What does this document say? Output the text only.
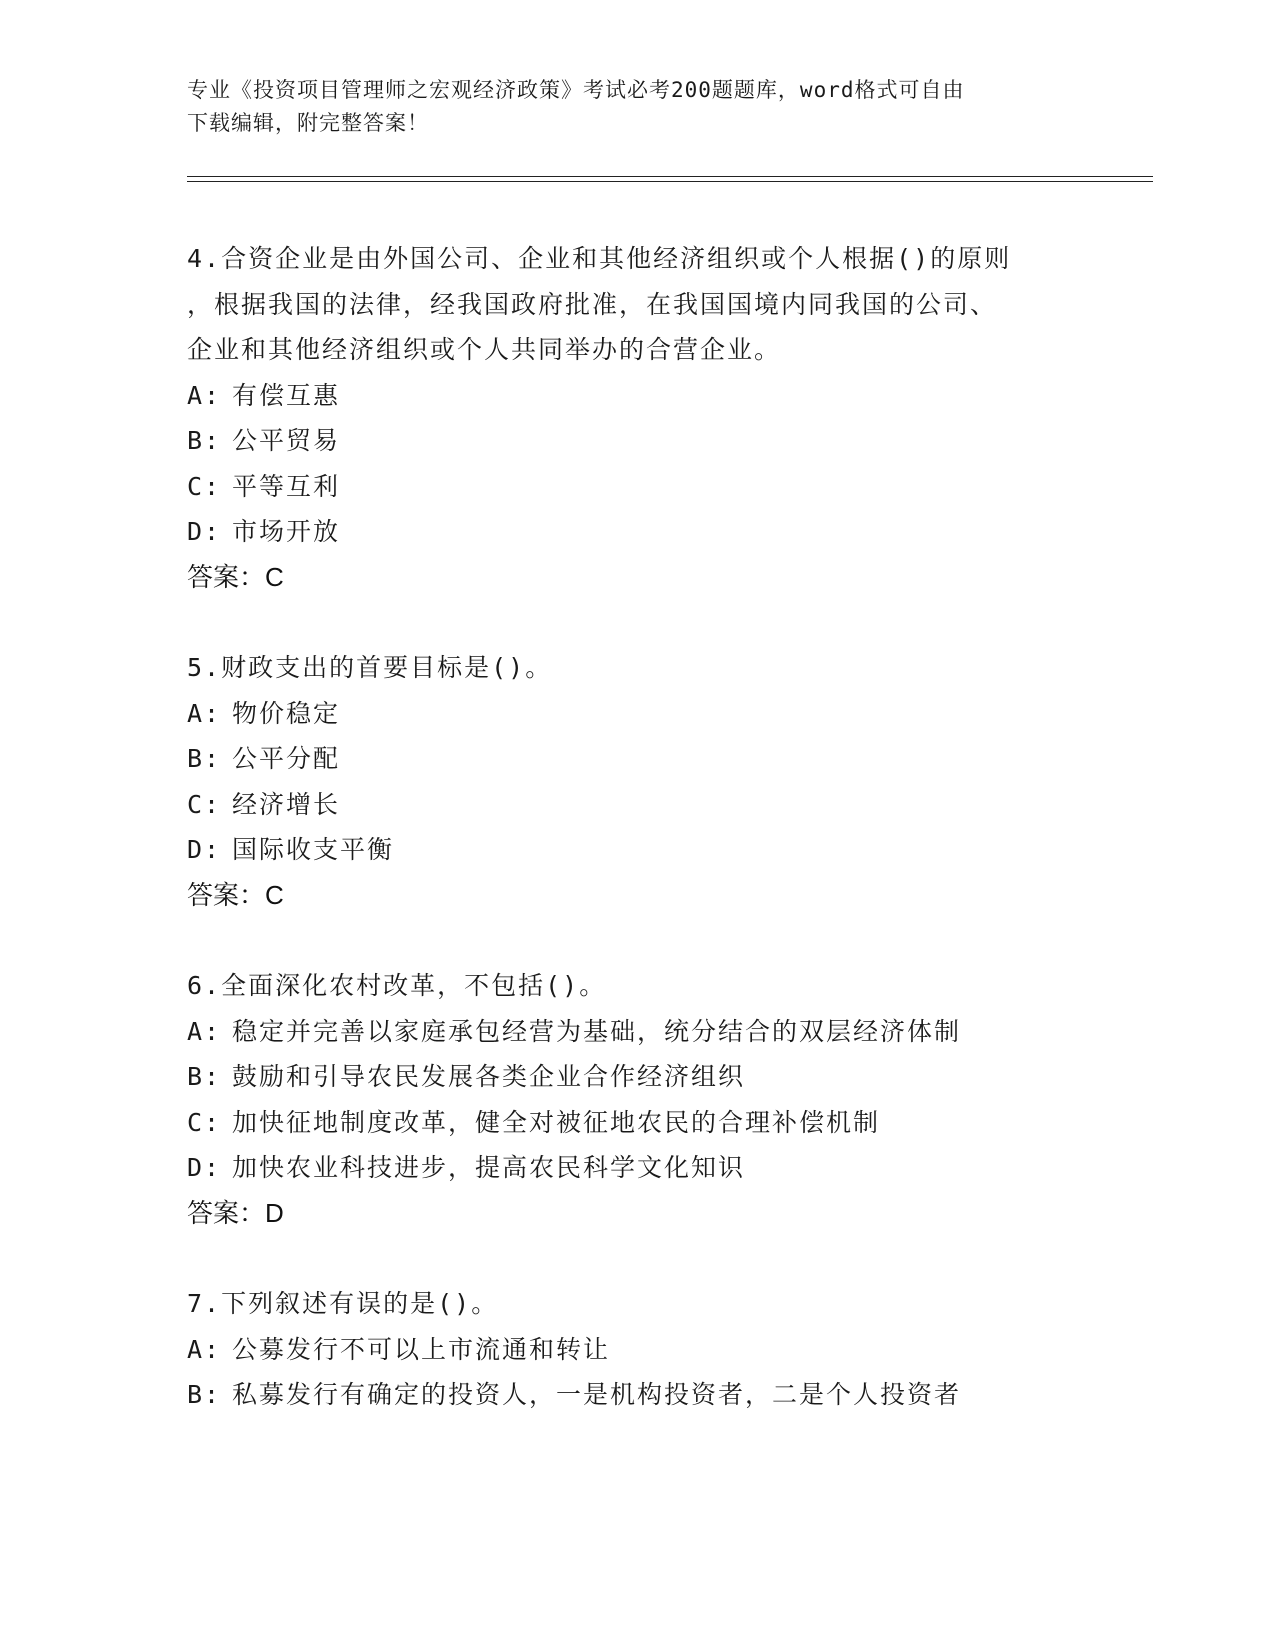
专业《投资项目管理师之宏观经济政策》考试必考200题题库，word格式可自由
下载编辑，附完整答案！
4.合资企业是由外国公司、企业和其他经济组织或个人根据()的原则
，根据我国的法律，经我国政府批准，在我国国境内同我国的公司、
企业和其他经济组织或个人共同举办的合营企业。
A: 有偿互惠
B: 公平贸易
C: 平等互利
D: 市场开放
答案：C
5.财政支出的首要目标是()。
A: 物价稳定
B: 公平分配
C: 经济增长
D: 国际收支平衡
答案：C
6.全面深化农村改革，不包括()。
A: 稳定并完善以家庭承包经营为基础，统分结合的双层经济体制
B: 鼓励和引导农民发展各类企业合作经济组织
C: 加快征地制度改革，健全对被征地农民的合理补偿机制
D: 加快农业科技进步，提高农民科学文化知识
答案：D
7.下列叙述有误的是()。
A: 公募发行不可以上市流通和转让
B: 私募发行有确定的投资人，一是机构投资者，二是个人投资者
